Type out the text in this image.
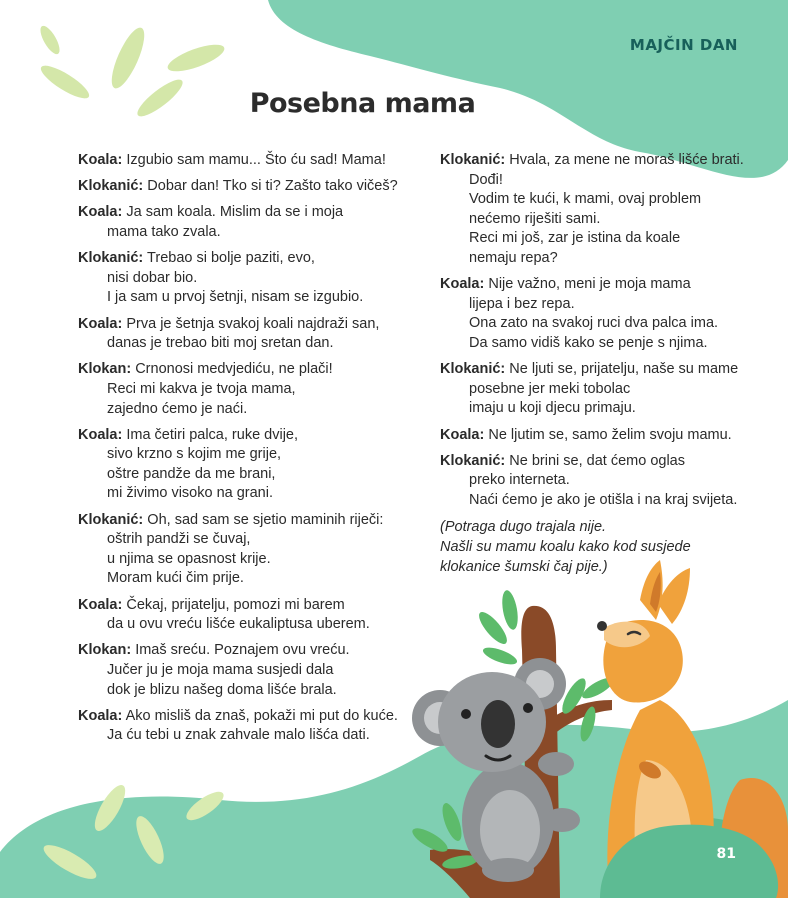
MAJČIN DAN
Posebna mama
Koala: Izgubio sam mamu... Što ću sad! Mama!
Klokanić: Dobar dan! Tko si ti? Zašto tako vičeš?
Koala: Ja sam koala. Mislim da se i moja
mama tako zvala.
Klokanić: Trebao si bolje paziti, evo,
nisi dobar bio.
I ja sam u prvoj šetnji, nisam se izgubio.
Koala: Prva je šetnja svakoj koali najdraži san,
danas je trebao biti moj sretan dan.
Klokan: Crnonosi medvjediću, ne plači!
Reci mi kakva je tvoja mama,
zajedno ćemo je naći.
Koala: Ima četiri palca, ruke dvije,
sivo krzno s kojim me grije,
oštre pandže da me brani,
mi živimo visoko na grani.
Klokanić: Oh, sad sam se sjetio maminih riječi:
oštrih pandži se čuvaj,
u njima se opasnost krije.
Moram kući čim prije.
Koala: Čekaj, prijatelju, pomozi mi barem
da u ovu vreću lišće eukaliptusa uberem.
Klokan: Imaš sreću. Poznajem ovu vreću.
Jučer ju je moja mama susjedi dala
dok je blizu našeg doma lišće brala.
Koala: Ako misliš da znaš, pokaži mi put do kuće.
Ja ću tebi u znak zahvale malo lišća dati.
Klokanić: Hvala, za mene ne moraš lišće brati.
Dođi!
Vodim te kući, k mami, ovaj problem
nećemo riješiti sami.
Reci mi još, zar je istina da koale
nemaju repa?
Koala: Nije važno, meni je moja mama
lijepa i bez repa.
Ona zato na svakoj ruci dva palca ima.
Da samo vidiš kako se penje s njima.
Klokanić: Ne ljuti se, prijatelju, naše su mame
posebne jer meki tobolac
imaju u koji djecu primaju.
Koala: Ne ljutim se, samo želim svoju mamu.
Klokanić: Ne brini se, dat ćemo oglas
preko interneta.
Naći ćemo je ako je otišla i na kraj svijeta.
(Potraga dugo trajala nije.
Našli su mamu koalu kako kod susjede
klokanice šumski čaj pije.)
81
